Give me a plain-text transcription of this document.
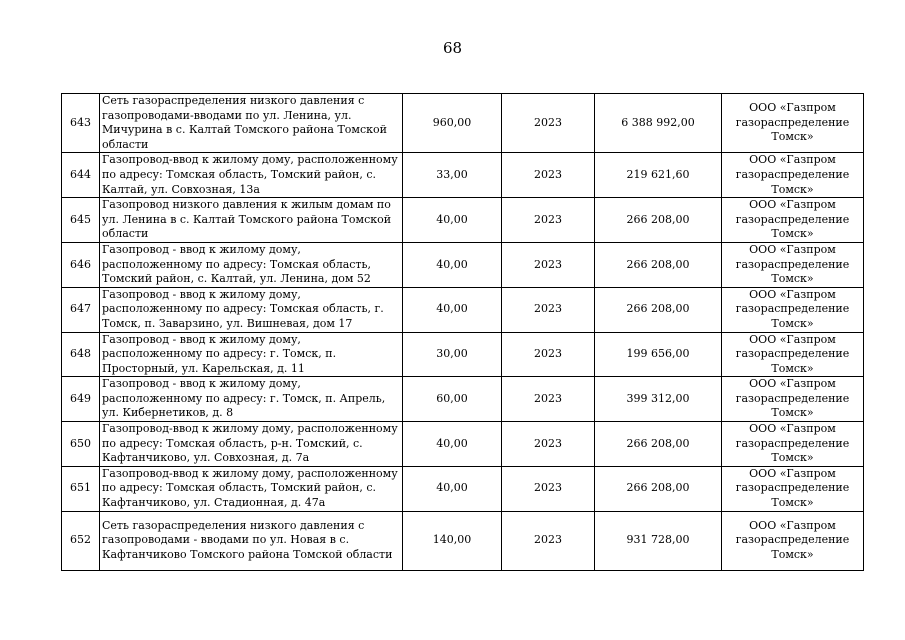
68
643	Сеть газораспределения низкого давления с газопроводами-вводами по ул. Ленина, ул. Мичурина в с. Калтай Томского района Томской области	960,00	2023	6 388 992,00	ООО «Газпром газораспределение Томск»
644	Газопровод-ввод к жилому дому, расположенному по адресу: Томская область, Томский район, с. Калтай, ул. Совхозная, 13а	33,00	2023	219 621,60	ООО «Газпром газораспределение Томск»
645	Газопровод низкого давления к жилым домам по ул. Ленина в с. Калтай Томского района Томской области	40,00	2023	266 208,00	ООО «Газпром газораспределение Томск»
646	Газопровод - ввод к жилому дому, расположенному по адресу: Томская область, Томский район, с. Калтай, ул. Ленина, дом 52	40,00	2023	266 208,00	ООО «Газпром газораспределение Томск»
647	Газопровод - ввод к жилому дому, расположенному по адресу: Томская область, г. Томск, п. Заварзино, ул. Вишневая, дом 17	40,00	2023	266 208,00	ООО «Газпром газораспределение Томск»
648	Газопровод - ввод к жилому дому, расположенному по адресу: г. Томск, п. Просторный, ул. Карельская, д. 11	30,00	2023	199 656,00	ООО «Газпром газораспределение Томск»
649	Газопровод - ввод к жилому дому, расположенному по адресу: г. Томск, п. Апрель, ул. Кибернетиков, д. 8	60,00	2023	399 312,00	ООО «Газпром газораспределение Томск»
650	Газопровод-ввод к жилому дому, расположенному по адресу: Томская область, р-н. Томский, с. Кафтанчиково, ул. Совхозная, д. 7а	40,00	2023	266 208,00	ООО «Газпром газораспределение Томск»
651	Газопровод-ввод к жилому дому, расположенному по адресу: Томская область, Томский район, с. Кафтанчиково, ул. Стадионная, д. 47а	40,00	2023	266 208,00	ООО «Газпром газораспределение Томск»
652	Сеть газораспределения низкого давления с газопроводами - вводами по ул. Новая в с. Кафтанчиково Томского района Томской области	140,00	2023	931 728,00	ООО «Газпром газораспределение Томск»
